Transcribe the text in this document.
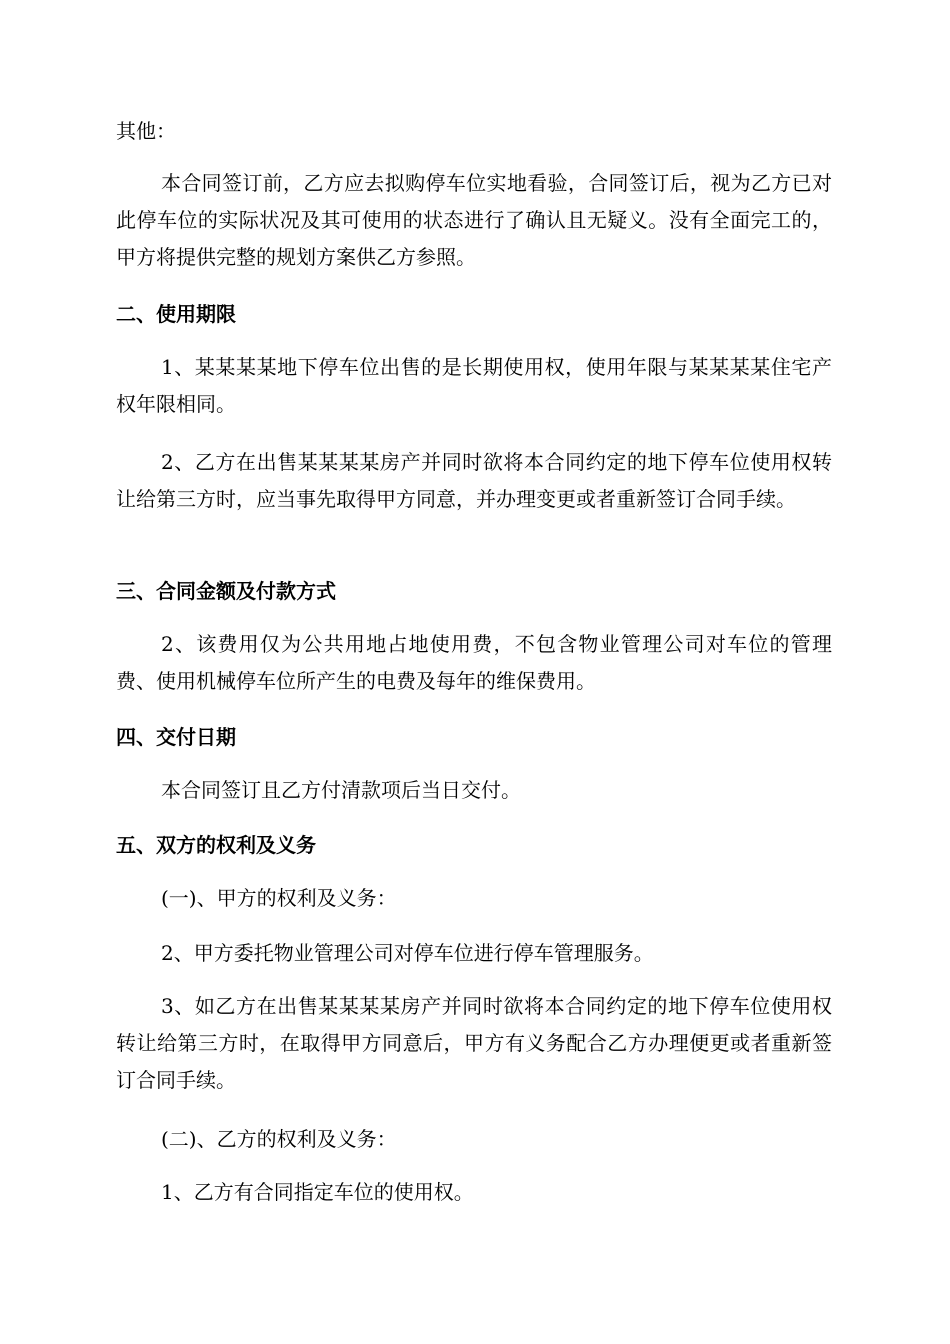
其他：

本合同签订前，乙方应去拟购停车位实地看验，合同签订后，视为乙方已对此停车位的实际状况及其可使用的状态进行了确认且无疑义。没有全面完工的，甲方将提供完整的规划方案供乙方参照。

二、使用期限

1、某某某某地下停车位出售的是长期使用权，使用年限与某某某某住宅产权年限相同。

2、乙方在出售某某某某房产并同时欲将本合同约定的地下停车位使用权转让给第三方时，应当事先取得甲方同意，并办理变更或者重新签订合同手续。

三、合同金额及付款方式

2、该费用仅为公共用地占地使用费，不包含物业管理公司对车位的管理费、使用机械停车位所产生的电费及每年的维保费用。

四、交付日期

本合同签订且乙方付清款项后当日交付。

五、双方的权利及义务

(一)、甲方的权利及义务：

2、甲方委托物业管理公司对停车位进行停车管理服务。

3、如乙方在出售某某某某房产并同时欲将本合同约定的地下停车位使用权转让给第三方时，在取得甲方同意后，甲方有义务配合乙方办理便更或者重新签订合同手续。

(二)、乙方的权利及义务：

1、乙方有合同指定车位的使用权。
